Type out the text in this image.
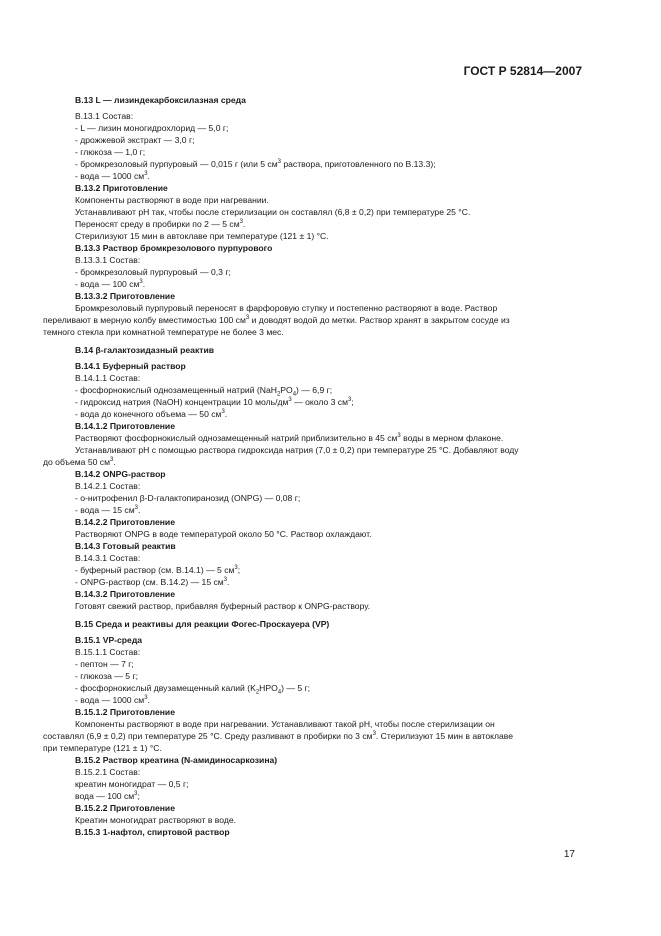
ГОСТ Р 52814—2007
В.13 L — лизиндекарбоксилазная среда
В.13.1 Состав:
- L — лизин моногидрохлорид — 5,0 г;
- дрожжевой экстракт — 3,0 г;
- глюкоза — 1,0 г;
- бромкрезоловый пурпуровый — 0,015 г (или 5 $см^3$ раствора, приготовленного по В.13.3);
- вода — 1000 $см^3$.
В.13.2 Приготовление
Компоненты растворяют в воде при нагревании.
Устанавливают pH так, чтобы после стерилизации он составлял (6,8 ± 0,2) при температуре 25 °С.
Переносят среду в пробирки по 2 — 5 $см^3$.
Стерилизуют 15 мин в автоклаве при температуре (121 ± 1) °С.
В.13.3 Раствор бромкрезолового пурпурового
В.13.3.1 Состав:
- бромкрезоловый пурпуровый — 0,3 г;
- вода — 100 $см^3$.
В.13.3.2 Приготовление
Бромкрезоловый пурпуровый переносят в фарфоровую ступку и постепенно растворяют в воде. Раствор
переливают в мерную колбу вместимостью 100 $см^3$ и доводят водой до метки. Раствор хранят в закрытом сосуде из
темного стекла при комнатной температуре не более 3 мес.
В.14 β-галактозидазный реактив
В.14.1 Буферный раствор
В.14.1.1 Состав:
- фосфорнокислый однозамещенный натрий $(NaH_2PO_4)$ — 6,9 г;
- гидроксид натрия (NaOH) концентрации 10 моль/$дм^3$ — около 3 $см^3$;
- вода до конечного объема — 50 $см^3$.
В.14.1.2 Приготовление
Растворяют фосфорнокислый однозамещенный натрий приблизительно в 45 $см^3$ воды в мерном флаконе.
Устанавливают pH с помощью раствора гидроксида натрия (7,0 ± 0,2) при температуре 25 °С. Добавляют воду
до объема 50 $см^3$.
В.14.2 ONPG-раствор
В.14.2.1 Состав:
- о-нитрофенил β-D-галактопиранозид (ONPG) — 0,08 г;
- вода — 15 $см^3$.
В.14.2.2 Приготовление
Растворяют ONPG в воде температурой около 50 °С. Раствор охлаждают.
В.14.3 Готовый реактив
В.14.3.1 Состав:
- буферный раствор (см. В.14.1) — 5 $см^3$;
- ONPG-раствор (см. В.14.2) — 15 $см^3$.
В.14.3.2 Приготовление
Готовят свежий раствор, прибавляя буферный раствор к ONPG-раствору.
В.15 Среда и реактивы для реакции Фогес-Проскауера (VP)
В.15.1 VP-среда
В.15.1.1 Состав:
- пептон — 7 г;
- глюкоза — 5 г;
- фосфорнокислый двузамещенный калий $(K_2HPO_4)$ — 5 г;
- вода — 1000 $см^3$.
В.15.1.2 Приготовление
Компоненты растворяют в воде при нагревании. Устанавливают такой pH, чтобы после стерилизации он
составлял (6,9 ± 0,2) при температуре 25 °С. Среду разливают в пробирки по 3 $см^3$. Стерилизуют 15 мин в автоклаве
при температуре (121 ± 1) °С.
В.15.2 Раствор креатина (N-амидиносаркозина)
В.15.2.1 Состав:
креатин моногидрат — 0,5 г;
вода — 100 $см^3$;
В.15.2.2 Приготовление
Креатин моногидрат растворяют в воде.
В.15.3 1-нафтол, спиртовой раствор
17
